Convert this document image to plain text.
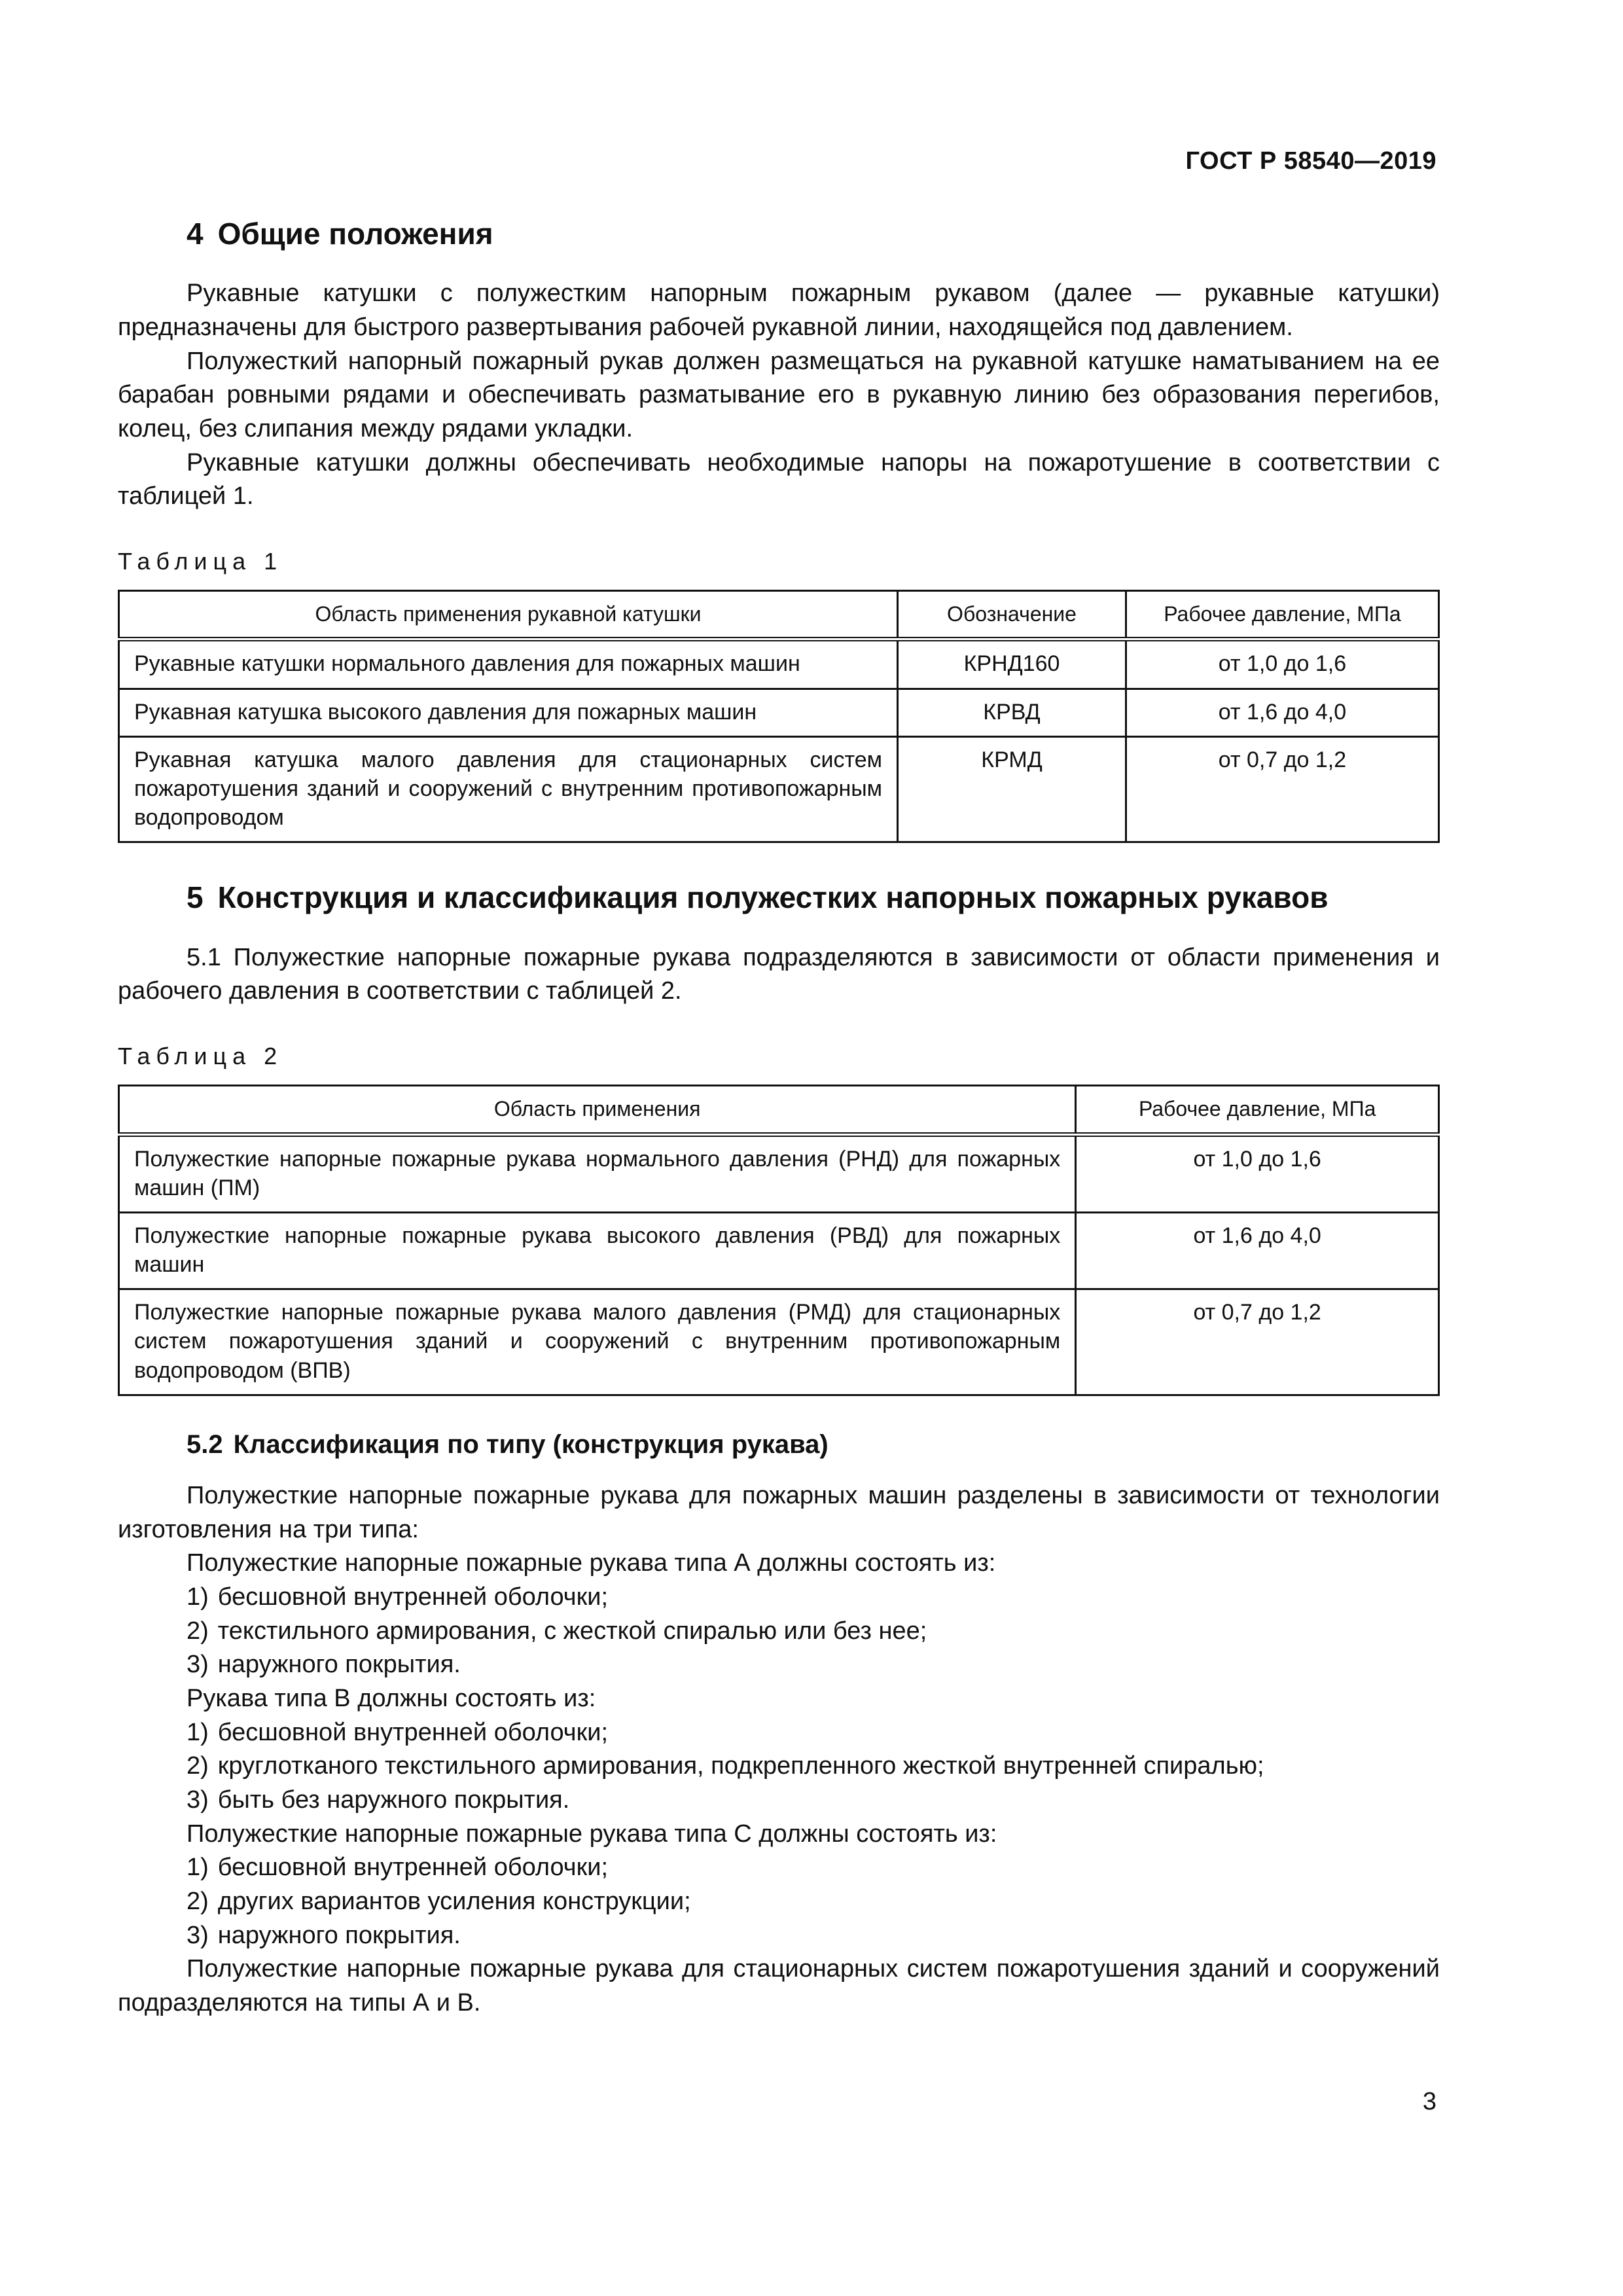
ГОСТ Р 58540—2019
4 Общие положения

Рукавные катушки с полужестким напорным пожарным рукавом (далее — рукавные катушки) предназначены для быстрого развертывания рабочей рукавной линии, находящейся под давлением.

Полужесткий напорный пожарный рукав должен размещаться на рукавной катушке наматыванием на ее барабан ровными рядами и обеспечивать разматывание его в рукавную линию без образования перегибов, колец, без слипания между рядами укладки.

Рукавные катушки должны обеспечивать необходимые напоры на пожаротушение в соответствии с таблицей 1.

Таблица 1
Область применения рукавной катушки	Обозначение	Рабочее давление, МПа
Рукавные катушки нормального давления для пожарных машин	КРНД160	от 1,0 до 1,6
Рукавная катушка высокого давления для пожарных машин	КРВД	от 1,6 до 4,0
Рукавная катушка малого давления для стационарных систем пожаротушения зданий и сооружений с внутренним противопожарным водопроводом	КРМД	от 0,7 до 1,2
5 Конструкция и классификация полужестких напорных пожарных рукавов

5.1 Полужесткие напорные пожарные рукава подразделяются в зависимости от области применения и рабочего давления в соответствии с таблицей 2.

Таблица 2
Область применения	Рабочее давление, МПа
Полужесткие напорные пожарные рукава нормального давления (РНД) для пожарных машин (ПМ)	от 1,0 до 1,6
Полужесткие напорные пожарные рукава высокого давления (РВД) для пожарных машин	от 1,6 до 4,0
Полужесткие напорные пожарные рукава малого давления (РМД) для стационарных систем пожаротушения зданий и сооружений с внутренним противопожарным водопроводом (ВПВ)	от 0,7 до 1,2
5.2 Классификация по типу (конструкция рукава)

Полужесткие напорные пожарные рукава для пожарных машин разделены в зависимости от технологии изготовления на три типа:

Полужесткие напорные пожарные рукава типа А должны состоять из:
1) бесшовной внутренней оболочки;
2) текстильного армирования, с жесткой спиралью или без нее;
3) наружного покрытия.
Рукава типа В должны состоять из:
1) бесшовной внутренней оболочки;
2) круглотканого текстильного армирования, подкрепленного жесткой внутренней спиралью;
3) быть без наружного покрытия.
Полужесткие напорные пожарные рукава типа С должны состоять из:
1) бесшовной внутренней оболочки;
2) других вариантов усиления конструкции;
3) наружного покрытия.

Полужесткие напорные пожарные рукава для стационарных систем пожаротушения зданий и сооружений подразделяются на типы А и В.

3
